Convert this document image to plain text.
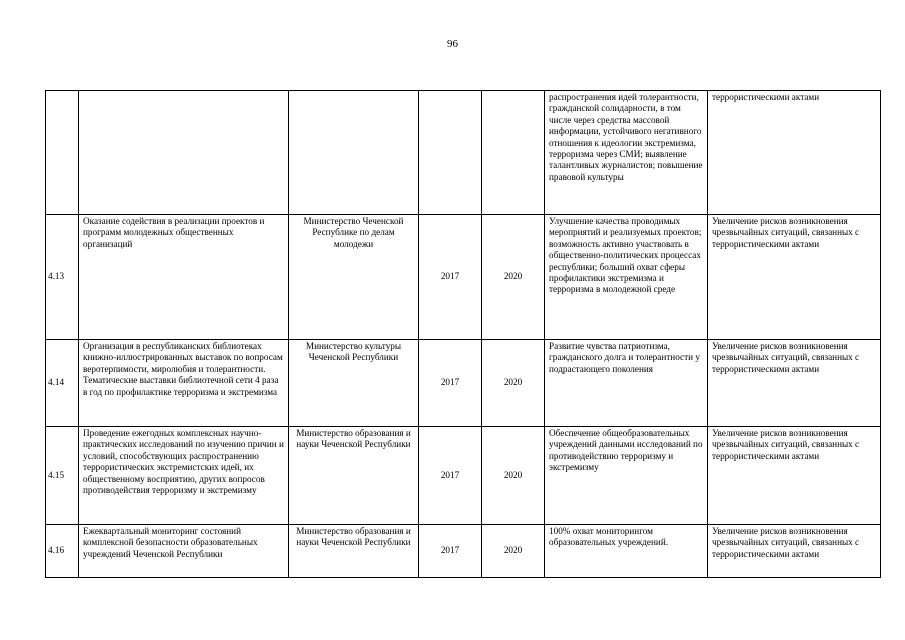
96
					распространения идей толерантности, гражданской солидарности, в том числе через средства массовой информации, устойчивого негативного отношения к идеологии экстремизма, терроризма через СМИ; выявление талантливых журналистов; повышение правовой культуры	террористическими актами
4.13	Оказание содействия в реализации проектов и программ молодежных общественных организаций	Министерство Чеченской Республике по делам молодежи	2017	2020	Улучшение качества проводимых мероприятий и реализуемых проектов; возможность активно участвовать в общественно-политических процессах республики; больший охват сферы профилактики экстремизма и терроризма в молодежной среде	Увеличение рисков возникновения чрезвычайных ситуаций, связанных с террористическими актами
4.14	Организация в республиканских библиотеках книжно-иллюстрированных выставок по вопросам веротерпимости, миролюбия и толерантности. Тематические выставки библиотечной сети 4 раза в год по профилактике терроризма и экстремизма	Министерство культуры Чеченской Республики	2017	2020	Развитие чувства патриотизма, гражданского долга и толерантности у подрастающего поколения	Увеличение рисков возникновения чрезвычайных ситуаций, связанных с террористическими актами
4.15	Проведение ежегодных комплексных научно-практических исследований по изучению причин и условий, способствующих распространению террористических экстремистских идей, их общественному восприятию, других вопросов противодействия терроризму и экстремизму	Министерство образования и науки Чеченской Республики	2017	2020	Обеспечение общеобразовательных учреждений данными исследований по противодействию терроризму и экстремизму	Увеличение рисков возникновения чрезвычайных ситуаций, связанных с террористическими актами
4.16	Ежеквартальный мониторинг состояний комплексной безопасности образовательных учреждений Чеченской Республики	Министерство образования и науки Чеченской Республики	2017	2020	100% охват мониторингом образовательных учреждений.	Увеличение рисков возникновения чрезвычайных ситуаций, связанных с террористическими актами
